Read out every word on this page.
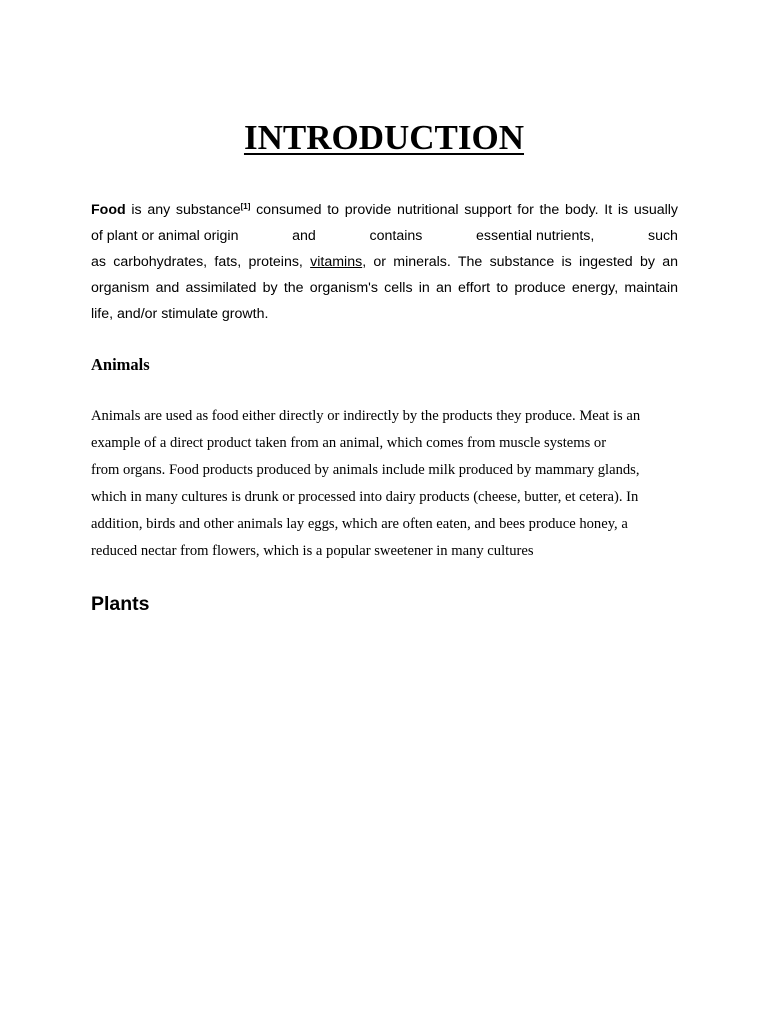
INTRODUCTION
Food is any substance[1] consumed to provide nutritional support for the body. It is usually
of plant or animal origin	and	contains	essential nutrients,	such
as carbohydrates, fats, proteins, vitamins, or minerals. The substance is ingested by an
organism and assimilated by the organism's cells in an effort to produce energy, maintain
life, and/or stimulate growth.
Animals
Animals are used as food either directly or indirectly by the products they produce. Meat is an
example of a direct product taken from an animal, which comes from muscle systems or
from organs. Food products produced by animals include milk produced by mammary glands,
which in many cultures is drunk or processed into dairy products (cheese, butter, et cetera). In
addition, birds and other animals lay eggs, which are often eaten, and bees produce honey, a
reduced nectar from flowers, which is a popular sweetener in many cultures
Plants
